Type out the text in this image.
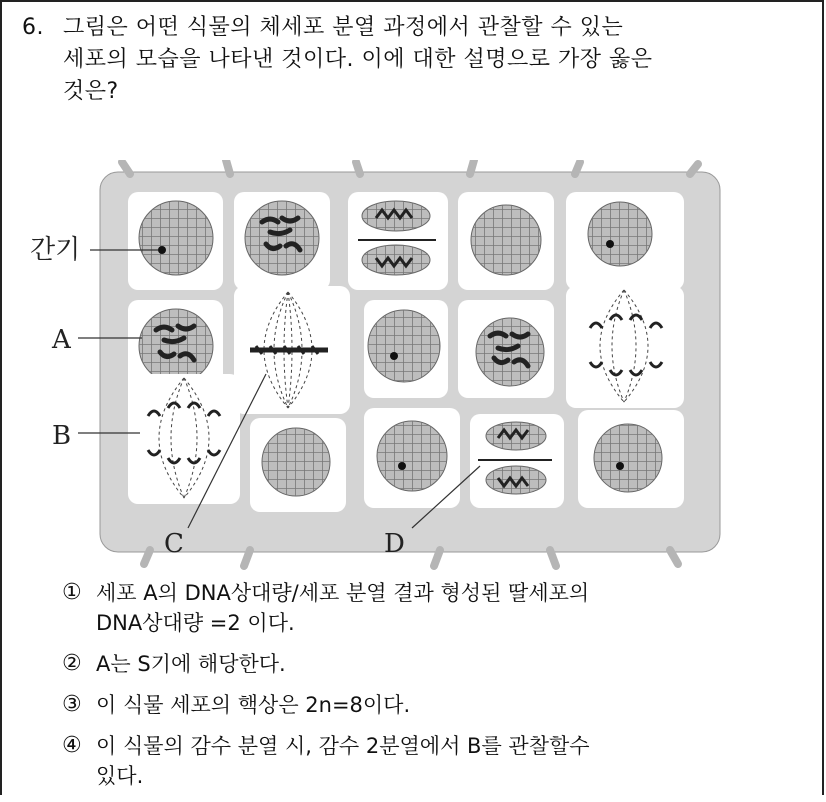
6. 그림은 어떤 식물의 체세포 분열 과정에서 관찰할 수 있는
세포의 모습을 나타낸 것이다. 이에 대한 설명으로 가장 옳은
것은?
간기
A
B
C	D
① 세포 A의 DNA상대량/세포 분열 결과 형성된 딸세포의
DNA상대량 =2 이다.
② A는 S기에 해당한다.
③ 이 식물 세포의 핵상은 2n=8이다.
④ 이 식물의 감수 분열 시, 감수 2분열에서 B를 관찰할수
있다.
